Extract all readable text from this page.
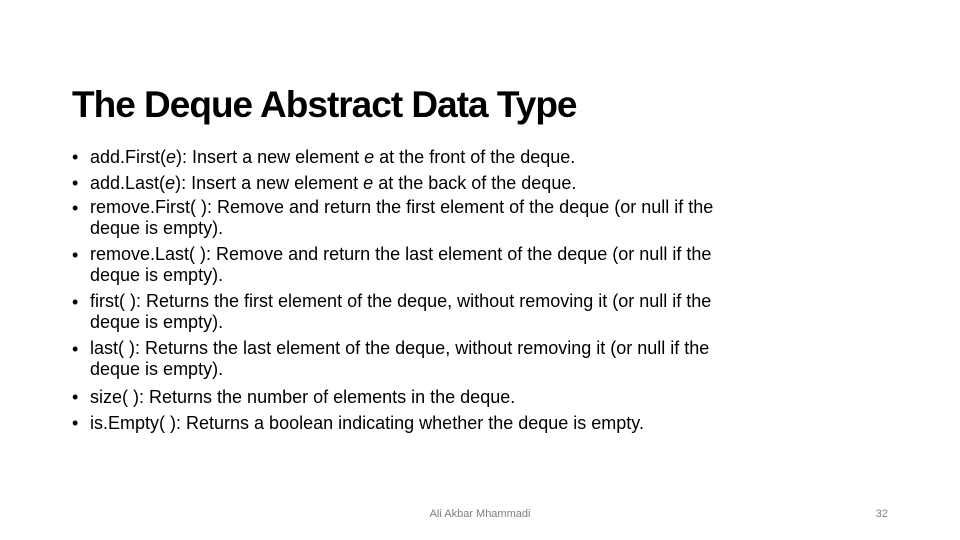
The Deque Abstract Data Type
• add.First(e): Insert a new element e at the front of the deque.
• add.Last(e): Insert a new element e at the back of the deque.
• remove.First( ): Remove and return the first element of the deque (or null if the
deque is empty).
• remove.Last( ): Remove and return the last element of the deque (or null if the
deque is empty).
• first( ): Returns the first element of the deque, without removing it (or null if the
deque is empty).
• last( ): Returns the last element of the deque, without removing it (or null if the
deque is empty).
• size( ): Returns the number of elements in the deque.
• is.Empty( ): Returns a boolean indicating whether the deque is empty.
Ali Akbar Mhammadi	32
